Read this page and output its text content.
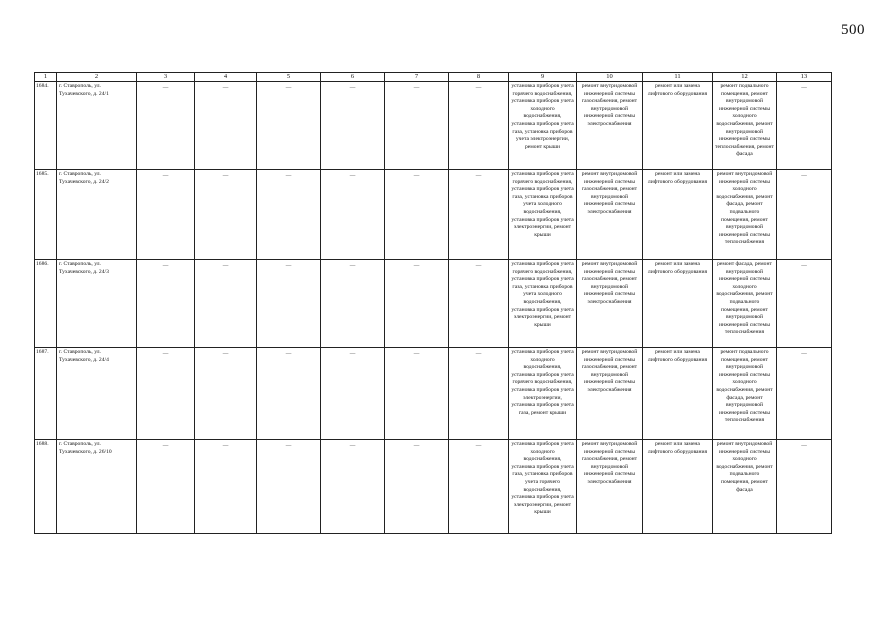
500
1	2	3	4	5	6	7	8	9	10	11	12	13
1684.	г. Ставрополь, ул. Тухачевского, д. 24/1	—	—	—	—	—	—	установка приборов учета горячего водоснабжения, установка приборов учета холодного водоснабжения, установка приборов учета газа, установка приборов учета электроэнергии, ремонт крыши	ремонт внутридомовой инженерной системы газоснабжения, ремонт внутридомовой инженерной системы электроснабжения	ремонт или замена лифтового оборудования	ремонт подвального помещения, ремонт внутридомовой инженерной системы холодного водоснабжения, ремонт внутридомовой инженерной системы теплоснабжения, ремонт фасада	—
1685.	г. Ставрополь, ул. Тухачевского, д. 24/2	—	—	—	—	—	—	установка приборов учета горячего водоснабжения, установка приборов учета газа, установка приборов учета холодного водоснабжения, установка приборов учета электроэнергии, ремонт крыши	ремонт внутридомовой инженерной системы газоснабжения, ремонт внутридомовой инженерной системы электроснабжения	ремонт или замена лифтового оборудования	ремонт внутридомовой инженерной системы холодного водоснабжения, ремонт фасада, ремонт подвального помещения, ремонт внутридомовой инженерной системы теплоснабжения	—
1686.	г. Ставрополь, ул. Тухачевского, д. 24/3	—	—	—	—	—	—	установка приборов учета горячего водоснабжения, установка приборов учета газа, установка приборов учета холодного водоснабжения, установка приборов учета электроэнергии, ремонт крыши	ремонт внутридомовой инженерной системы газоснабжения, ремонт внутридомовой инженерной системы электроснабжения	ремонт или замена лифтового оборудования	ремонт фасада, ремонт внутридомовой инженерной системы холодного водоснабжения, ремонт подвального помещения, ремонт внутридомовой инженерной системы теплоснабжения	—
1687.	г. Ставрополь, ул. Тухачевского, д. 24/4	—	—	—	—	—	—	установка приборов учета холодного водоснабжения, установка приборов учета горячего водоснабжения, установка приборов учета электроэнергии, установка приборов учета газа, ремонт крыши	ремонт внутридомовой инженерной системы газоснабжения, ремонт внутридомовой инженерной системы электроснабжения	ремонт или замена лифтового оборудования	ремонт подвального помещения, ремонт внутридомовой инженерной системы холодного водоснабжения, ремонт фасада, ремонт внутридомовой инженерной системы теплоснабжения	—
1688.	г. Ставрополь, ул. Тухачевского, д. 26/10	—	—	—	—	—	—	установка приборов учета холодного водоснабжения, установка приборов учета газа, установка приборов учета горячего водоснабжения, установка приборов учета электроэнергии, ремонт крыши	ремонт внутридомовой инженерной системы газоснабжения, ремонт внутридомовой инженерной системы электроснабжения	ремонт или замена лифтового оборудования	ремонт внутридомовой инженерной системы холодного водоснабжения, ремонт подвального помещения, ремонт фасада	—
